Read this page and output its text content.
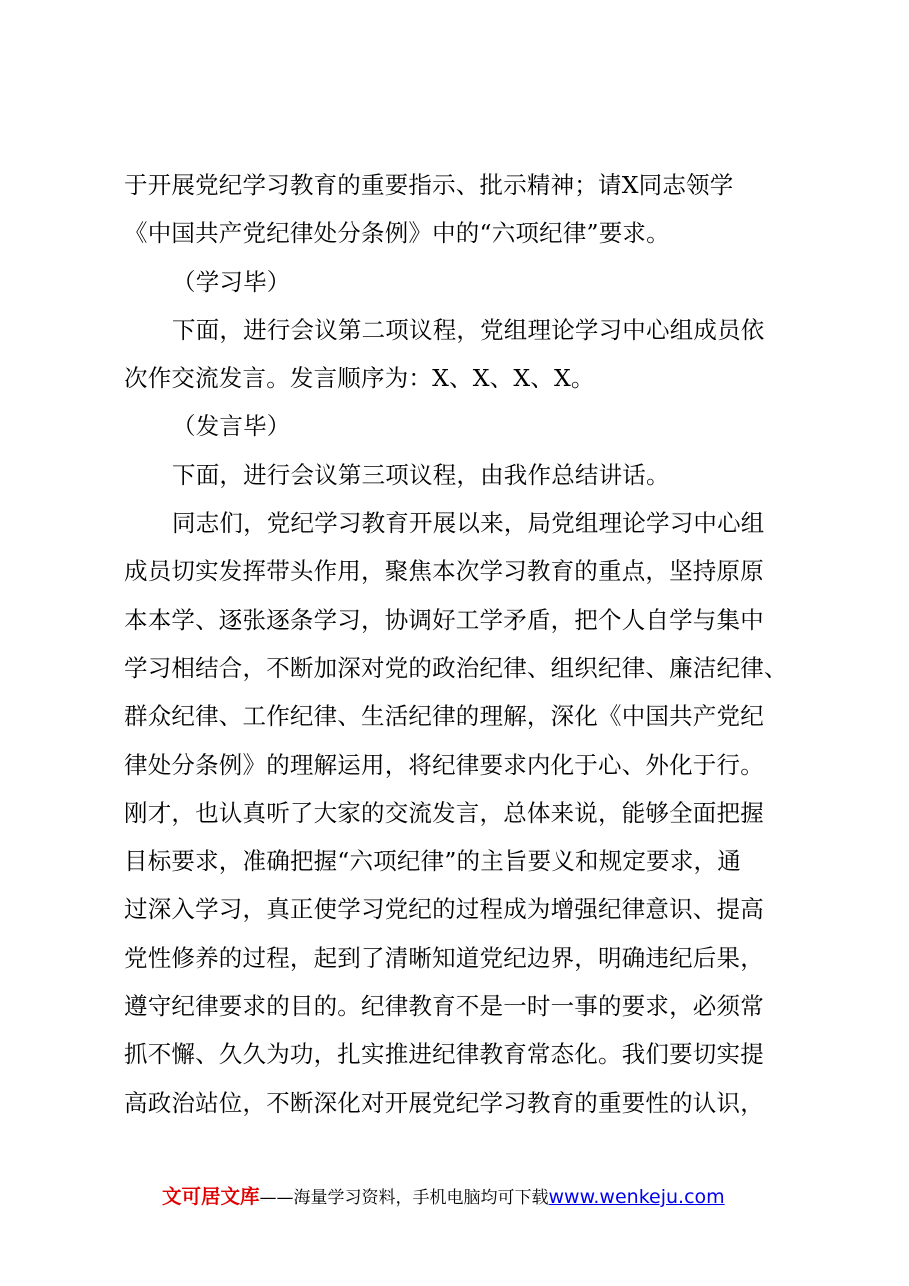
于开展党纪学习教育的重要指示、批示精神；请X同志领学
《中国共产党纪律处分条例》中的“六项纪律”要求。
（学习毕）
下面，进行会议第二项议程，党组理论学习中心组成员依
次作交流发言。发言顺序为：X、X、X、X。
（发言毕）
下面，进行会议第三项议程，由我作总结讲话。
同志们，党纪学习教育开展以来，局党组理论学习中心组
成员切实发挥带头作用，聚焦本次学习教育的重点，坚持原原
本本学、逐张逐条学习，协调好工学矛盾，把个人自学与集中
学习相结合，不断加深对党的政治纪律、组织纪律、廉洁纪律、
群众纪律、工作纪律、生活纪律的理解，深化《中国共产党纪
律处分条例》的理解运用，将纪律要求内化于心、外化于行。
刚才，也认真听了大家的交流发言，总体来说，能够全面把握
目标要求，准确把握“六项纪律”的主旨要义和规定要求，通
过深入学习，真正使学习党纪的过程成为增强纪律意识、提高
党性修养的过程，起到了清晰知道党纪边界，明确违纪后果，
遵守纪律要求的目的。纪律教育不是一时一事的要求，必须常
抓不懈、久久为功，扎实推进纪律教育常态化。我们要切实提
高政治站位，不断深化对开展党纪学习教育的重要性的认识，
文可居文库——海量学习资料，手机电脑均可下载www.wenkeju.com
